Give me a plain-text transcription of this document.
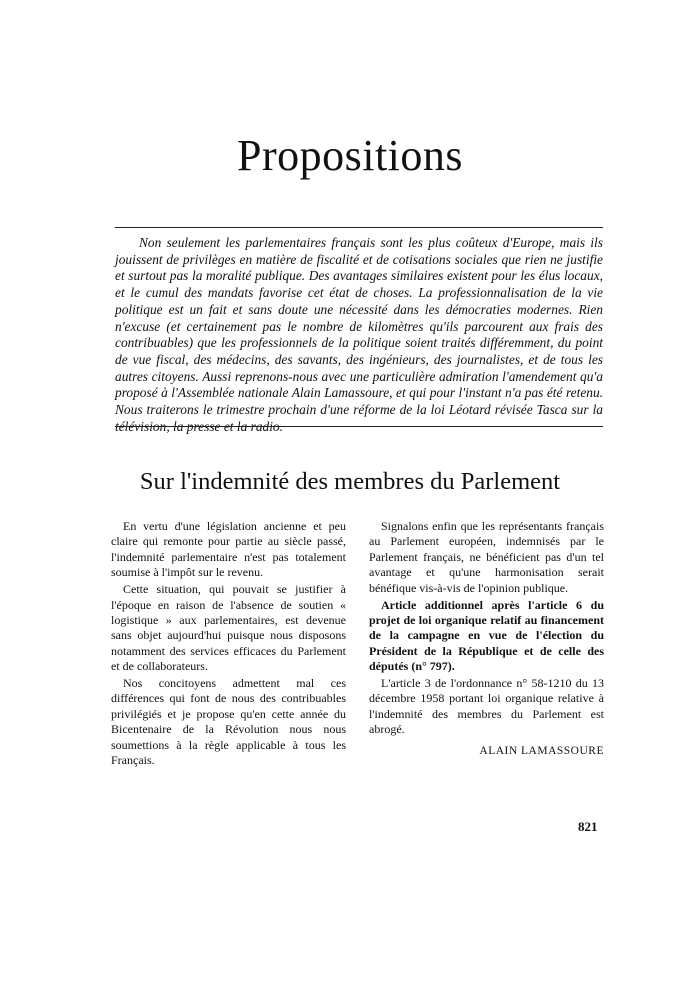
Propositions

Non seulement les parlementaires français sont les plus coûteux d'Europe, mais ils jouissent de privilèges en matière de fiscalité et de cotisations sociales que rien ne justifie et surtout pas la moralité publique. Des avantages similaires existent pour les élus locaux, et le cumul des mandats favorise cet état de choses. La professionnalisation de la vie politique est un fait et sans doute une nécessité dans les démocraties modernes. Rien n'excuse (et certainement pas le nombre de kilomètres qu'ils parcourent aux frais des contribuables) que les professionnels de la politique soient traités différemment, du point de vue fiscal, des médecins, des savants, des ingénieurs, des journalistes, et de tous les autres citoyens. Aussi reprenons-nous avec une particulière admiration l'amendement qu'a proposé à l'Assemblée nationale Alain Lamassoure, et qui pour l'instant n'a pas été retenu. Nous traiterons le trimestre prochain d'une réforme de la loi Léotard révisée Tasca sur la télévision, la presse et la radio.

Sur l'indemnité des membres du Parlement

En vertu d'une législation ancienne et peu claire qui remonte pour partie au siècle passé, l'indemnité parlementaire n'est pas totalement soumise à l'impôt sur le revenu.

Cette situation, qui pouvait se justifier à l'époque en raison de l'absence de soutien « logistique » aux parlementaires, est devenue sans objet aujourd'hui puisque nous disposons notamment des services efficaces du Parlement et de collaborateurs.

Nos concitoyens admettent mal ces différences qui font de nous des contribuables privilégiés et je propose qu'en cette année du Bicentenaire de la Révolution nous nous soumettions à la règle applicable à tous les Français.

Signalons enfin que les représentants français au Parlement européen, indemnisés par le Parlement français, ne bénéficient pas d'un tel avantage et qu'une harmonisation serait bénéfique vis-à-vis de l'opinion publique.

Article additionnel après l'article 6 du projet de loi organique relatif au financement de la campagne en vue de l'élection du Président de la République et de celle des députés (n° 797).

L'article 3 de l'ordonnance n° 58-1210 du 13 décembre 1958 portant loi organique relative à l'indemnité des membres du Parlement est abrogé.

ALAIN LAMASSOURE
821
